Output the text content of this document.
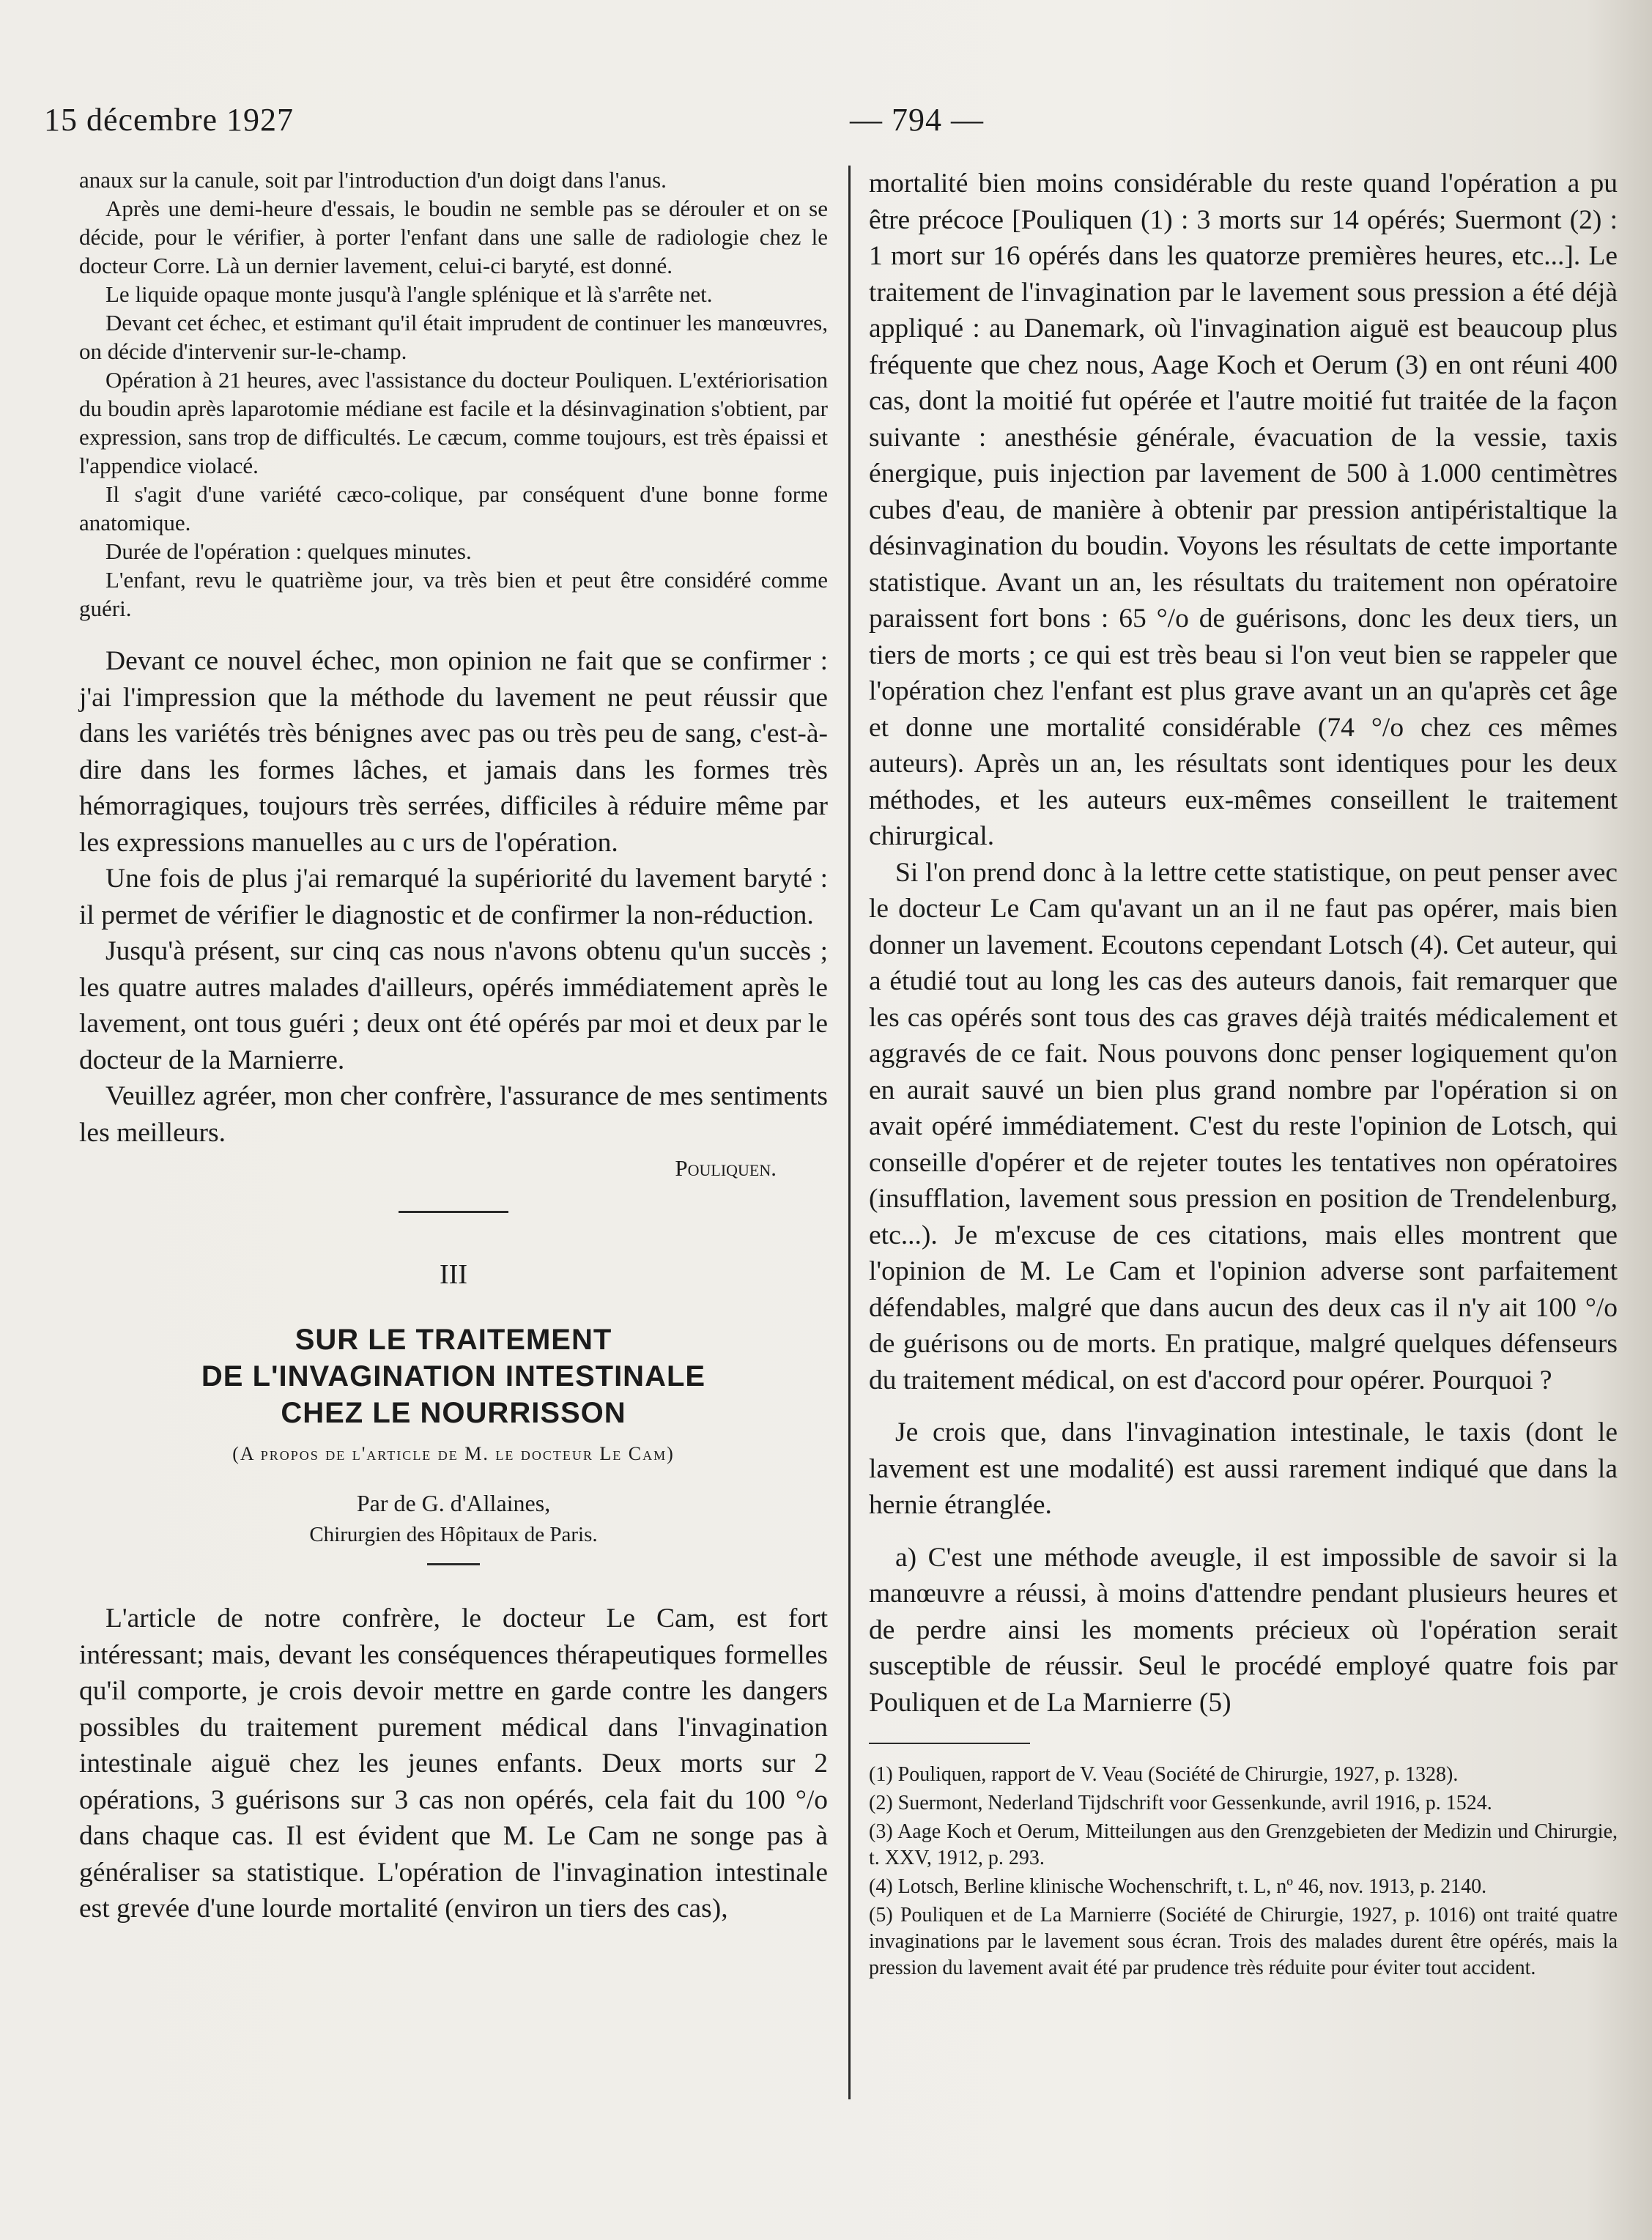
15 décembre 1927	— 794 —

anaux sur la canule, soit par l'introduction d'un doigt dans l'anus.

Après une demi-heure d'essais, le boudin ne semble pas se dérouler et on se décide, pour le vérifier, à porter l'enfant dans une salle de radiologie chez le docteur Corre. Là un dernier lavement, celui-ci baryté, est donné.

Le liquide opaque monte jusqu'à l'angle splénique et là s'arrête net.

Devant cet échec, et estimant qu'il était imprudent de continuer les manœuvres, on décide d'intervenir sur-le-champ.

Opération à 21 heures, avec l'assistance du docteur Pouliquen. L'extériorisation du boudin après laparotomie médiane est facile et la désinvagination s'obtient, par expression, sans trop de difficultés. Le cæcum, comme toujours, est très épaissi et l'appendice violacé.

Il s'agit d'une variété cæco-colique, par conséquent d'une bonne forme anatomique.

Durée de l'opération : quelques minutes.

L'enfant, revu le quatrième jour, va très bien et peut être considéré comme guéri.

Devant ce nouvel échec, mon opinion ne fait que se confirmer : j'ai l'impression que la méthode du lavement ne peut réussir que dans les variétés très bénignes avec pas ou très peu de sang, c'est-à-dire dans les formes lâches, et jamais dans les formes très hémorragiques, toujours très serrées, difficiles à réduire même par les expressions manuelles au c urs de l'opération.

Une fois de plus j'ai remarqué la supériorité du lavement baryté : il permet de vérifier le diagnostic et de confirmer la non-réduction.

Jusqu'à présent, sur cinq cas nous n'avons obtenu qu'un succès ; les quatre autres malades d'ailleurs, opérés immédiatement après le lavement, ont tous guéri ; deux ont été opérés par moi et deux par le docteur de la Marnierre.

Veuillez agréer, mon cher confrère, l'assurance de mes sentiments les meilleurs.

Pouliquen.
III
SUR LE TRAITEMENT
DE L'INVAGINATION INTESTINALE
CHEZ LE NOURRISSON
(A propos de l'article de M. le docteur Le Cam)
Par de G. d'Allaines,
Chirurgien des Hôpitaux de Paris.

L'article de notre confrère, le docteur Le Cam, est fort intéressant; mais, devant les conséquences thérapeutiques formelles qu'il comporte, je crois devoir mettre en garde contre les dangers possibles du traitement purement médical dans l'invagination intestinale aiguë chez les jeunes enfants. Deux morts sur 2 opérations, 3 guérisons sur 3 cas non opérés, cela fait du 100 °/o dans chaque cas. Il est évident que M. Le Cam ne songe pas à généraliser sa statistique. L'opération de l'invagination intestinale est grevée d'une lourde mortalité (environ un tiers des cas),

mortalité bien moins considérable du reste quand l'opération a pu être précoce [Pouliquen (1) : 3 morts sur 14 opérés; Suermont (2) : 1 mort sur 16 opérés dans les quatorze premières heures, etc...]. Le traitement de l'invagination par le lavement sous pression a été déjà appliqué : au Danemark, où l'invagination aiguë est beaucoup plus fréquente que chez nous, Aage Koch et Oerum (3) en ont réuni 400 cas, dont la moitié fut opérée et l'autre moitié fut traitée de la façon suivante : anesthésie générale, évacuation de la vessie, taxis énergique, puis injection par lavement de 500 à 1.000 centimètres cubes d'eau, de manière à obtenir par pression antipéristaltique la désinvagination du boudin. Voyons les résultats de cette importante statistique. Avant un an, les résultats du traitement non opératoire paraissent fort bons : 65 °/o de guérisons, donc les deux tiers, un tiers de morts ; ce qui est très beau si l'on veut bien se rappeler que l'opération chez l'enfant est plus grave avant un an qu'après cet âge et donne une mortalité considérable (74 °/o chez ces mêmes auteurs). Après un an, les résultats sont identiques pour les deux méthodes, et les auteurs eux-mêmes conseillent le traitement chirurgical.

Si l'on prend donc à la lettre cette statistique, on peut penser avec le docteur Le Cam qu'avant un an il ne faut pas opérer, mais bien donner un lavement. Ecoutons cependant Lotsch (4). Cet auteur, qui a étudié tout au long les cas des auteurs danois, fait remarquer que les cas opérés sont tous des cas graves déjà traités médicalement et aggravés de ce fait. Nous pouvons donc penser logiquement qu'on en aurait sauvé un bien plus grand nombre par l'opération si on avait opéré immédiatement. C'est du reste l'opinion de Lotsch, qui conseille d'opérer et de rejeter toutes les tentatives non opératoires (insufflation, lavement sous pression en position de Trendelenburg, etc...). Je m'excuse de ces citations, mais elles montrent que l'opinion de M. Le Cam et l'opinion adverse sont parfaitement défendables, malgré que dans aucun des deux cas il n'y ait 100 °/o de guérisons ou de morts. En pratique, malgré quelques défenseurs du traitement médical, on est d'accord pour opérer. Pourquoi ?

Je crois que, dans l'invagination intestinale, le taxis (dont le lavement est une modalité) est aussi rarement indiqué que dans la hernie étranglée.

a) C'est une méthode aveugle, il est impossible de savoir si la manœuvre a réussi, à moins d'attendre pendant plusieurs heures et de perdre ainsi les moments précieux où l'opération serait susceptible de réussir. Seul le procédé employé quatre fois par Pouliquen et de La Marnierre (5)

(1) Pouliquen, rapport de V. Veau (Société de Chirurgie, 1927, p. 1328).

(2) Suermont, Nederland Tijdschrift voor Gessenkunde, avril 1916, p. 1524.

(3) Aage Koch et Oerum, Mitteilungen aus den Grenzgebieten der Medizin und Chirurgie, t. XXV, 1912, p. 293.

(4) Lotsch, Berline klinische Wochenschrift, t. L, nº 46, nov. 1913, p. 2140.

(5) Pouliquen et de La Marnierre (Société de Chirurgie, 1927, p. 1016) ont traité quatre invaginations par le lavement sous écran. Trois des malades durent être opérés, mais la pression du lavement avait été par prudence très réduite pour éviter tout accident.
